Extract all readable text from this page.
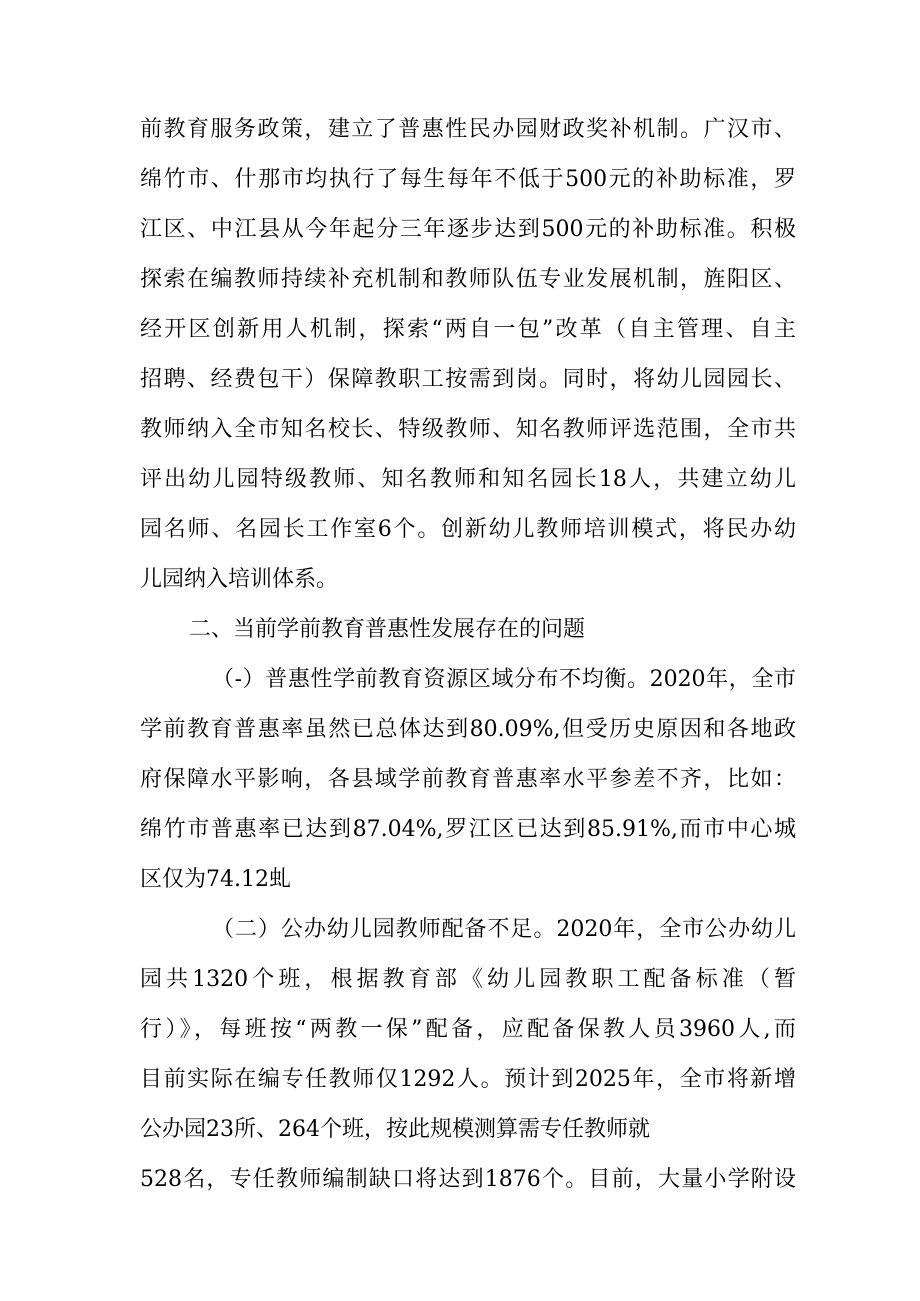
前教育服务政策，建立了普惠性民办园财政奖补机制。广汉市、

绵竹市、什那市均执行了每生每年不低于500元的补助标准，罗

江区、中江县从今年起分三年逐步达到500元的补助标准。积极

探索在编教师持续补充机制和教师队伍专业发展机制，旌阳区、

经开区创新用人机制，探索“两自一包”改革（自主管理、自主

招聘、经费包干）保障教职工按需到岗。同时，将幼儿园园长、

教师纳入全市知名校长、特级教师、知名教师评选范围，全市共

评出幼儿园特级教师、知名教师和知名园长18人，共建立幼儿

园名师、名园长工作室6个。创新幼儿教师培训模式，将民办幼

儿园纳入培训体系。

二、当前学前教育普惠性发展存在的问题

（-）普惠性学前教育资源区域分布不均衡。2020年，全市

学前教育普惠率虽然已总体达到80.09%,但受历史原因和各地政

府保障水平影响，各县域学前教育普惠率水平参差不齐，比如：

绵竹市普惠率已达到87.04%,罗江区已达到85.91%,而市中心城

区仅为74.12虬

（二）公办幼儿园教师配备不足。2020年，全市公办幼儿

园共1320个班，根据教育部《幼儿园教职工配备标准（暂

行）》，每班按“两教一保”配备，应配备保教人员3960人,而

目前实际在编专任教师仅1292人。预计到2025年，全市将新增

公办园23所、264个班，按此规模测算需专任教师就

528名，专任教师编制缺口将达到1876个。目前，大量小学附设
